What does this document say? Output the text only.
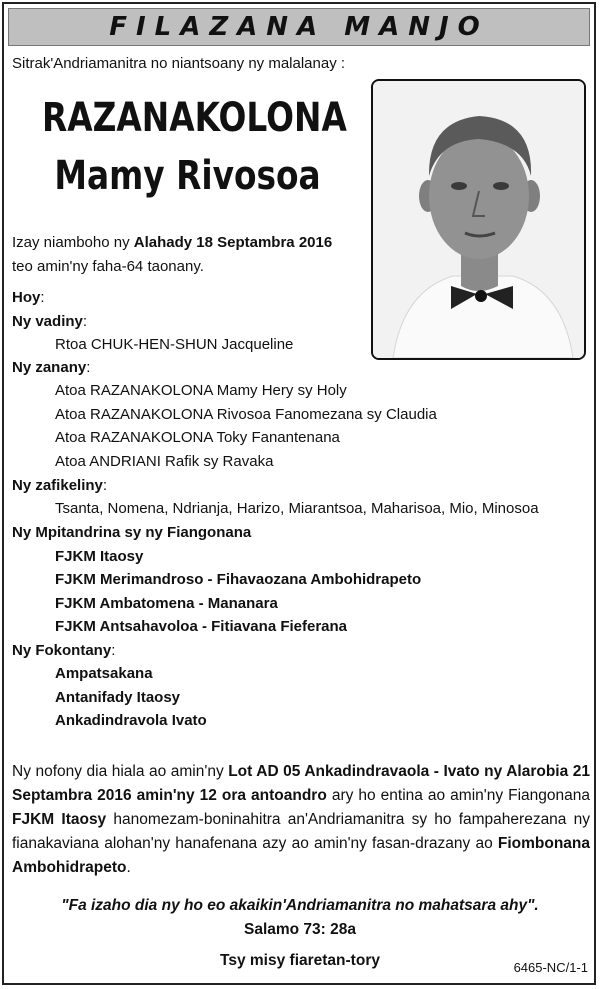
FILAZANA MANJO
Sitrak'Andriamanitra no niantsoany ny malalanay :
RAZANAKOLONA
Mamy Rivosoa
Izay niamboho ny Alahady 18 Septambra 2016
teo amin'ny faha-64 taonany.
Hoy:
Ny vadiny:
Rtoa CHUK-HEN-SHUN Jacqueline
Ny zanany:
Atoa RAZANAKOLONA Mamy Hery sy Holy
Atoa RAZANAKOLONA Rivosoa Fanomezana sy Claudia
Atoa RAZANAKOLONA Toky Fanantenana
Atoa ANDRIANI Rafik sy Ravaka
Ny zafikeliny:
Tsanta, Nomena, Ndrianja, Harizo, Miarantsoa, Maharisoa, Mio, Minosoa
Ny Mpitandrina sy ny Fiangonana
FJKM Itaosy
FJKM Merimandroso - Fihavaozana Ambohidrapeto
FJKM Ambatomena - Mananara
FJKM Antsahavoloa - Fitiavana Fieferana
Ny Fokontany:
Ampatsakana
Antanifady Itaosy
Ankadindravola Ivato
Ny nofony dia hiala ao amin'ny Lot AD 05 Ankadindravaola - Ivato ny Alarobia 21 Septambra 2016 amin'ny 12 ora antoandro ary ho entina ao amin'ny Fiangonana FJKM Itaosy hanomezam-boninahitra an'Andriamanitra sy ho fampaherezana ny fianakaviana alohan'ny hanafenana azy ao amin'ny fasan-drazany ao Fiombonana Ambohidrapeto.
"Fa izaho dia ny ho eo akaikin'Andriamanitra no mahatsara ahy".
Salamo 73: 28a
Tsy misy fiaretan-tory	6465-NC/1-1
